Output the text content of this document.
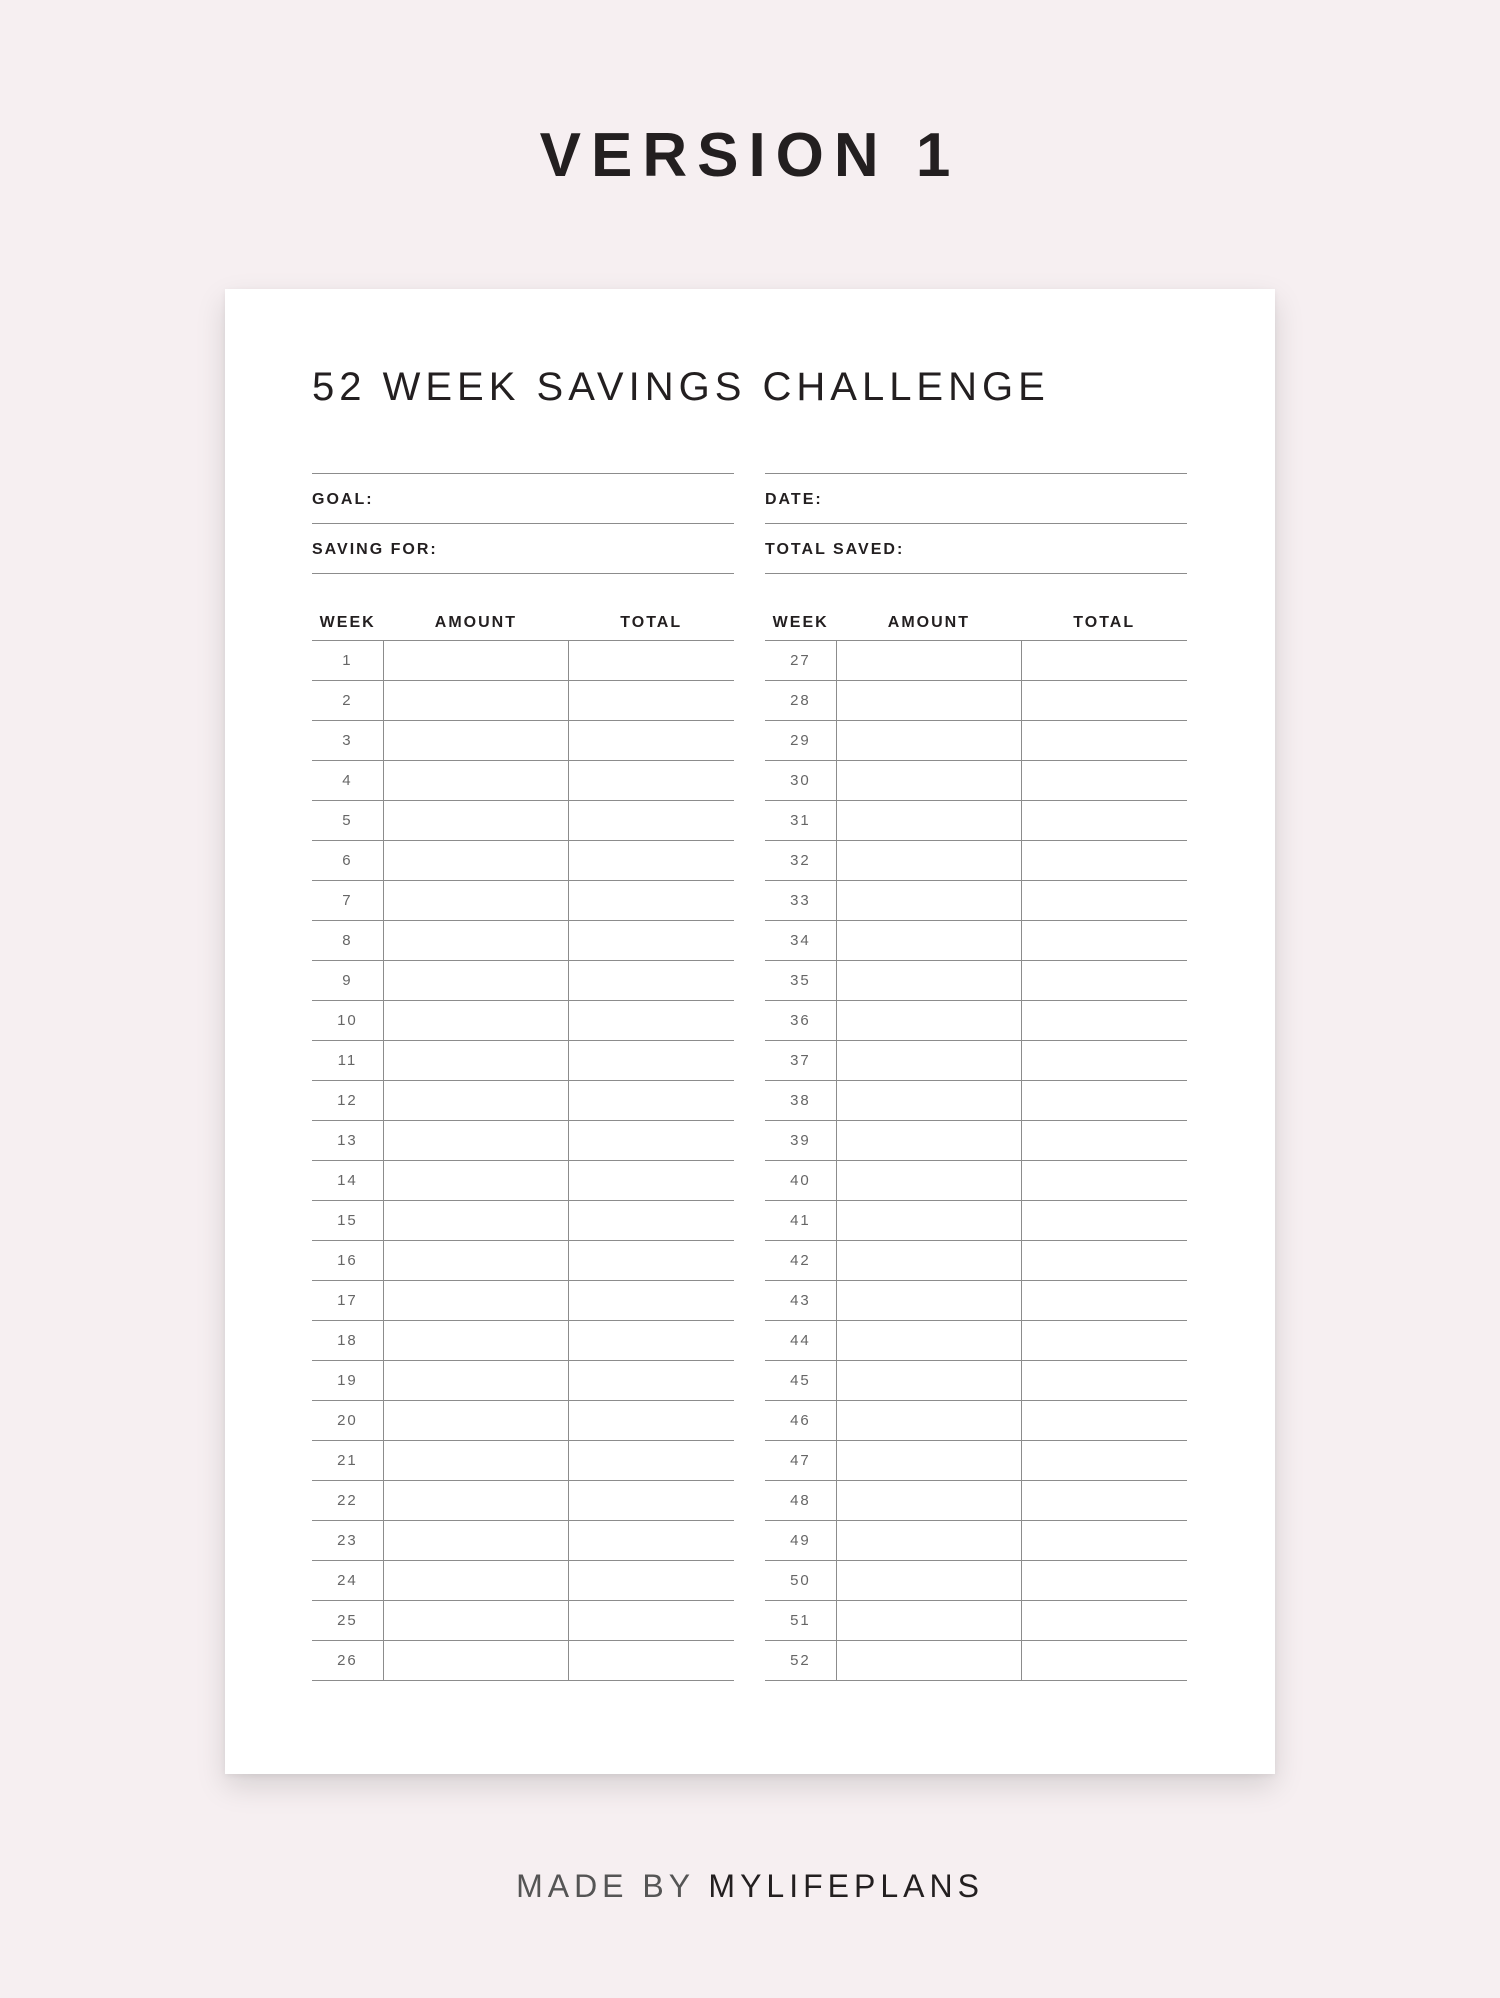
VERSION 1
52 WEEK SAVINGS CHALLENGE
GOAL:
SAVING FOR:
DATE:
TOTAL SAVED:
WEEK	AMOUNT	TOTAL
1		
2		
3		
4		
5		
6		
7		
8		
9		
10		
11		
12		
13		
14		
15		
16		
17		
18		
19		
20		
21		
22		
23		
24		
25		
26		
WEEK	AMOUNT	TOTAL
27		
28		
29		
30		
31		
32		
33		
34		
35		
36		
37		
38		
39		
40		
41		
42		
43		
44		
45		
46		
47		
48		
49		
50		
51		
52		
MADE BY MYLIFEPLANS
